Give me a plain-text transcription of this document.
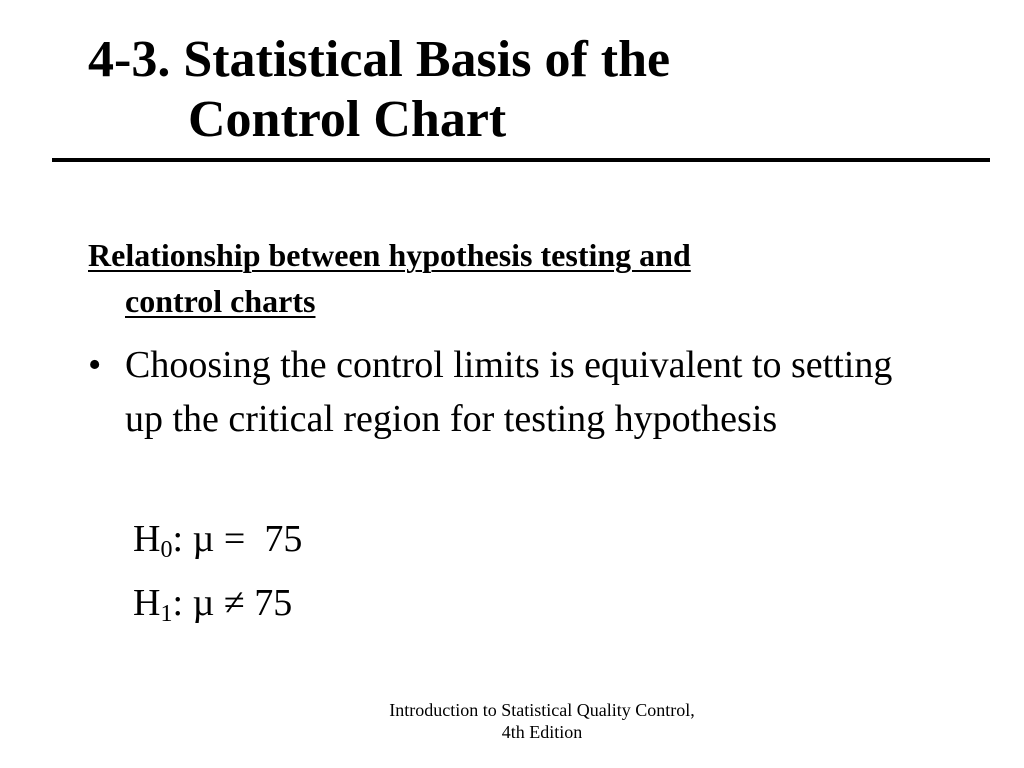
4-3. Statistical Basis of the
Control Chart
Relationship between hypothesis testing and
control charts
• Choosing the control limits is equivalent to setting up the critical region for testing hypothesis
$H_0$: µ =  75
$H_1$: µ ≠ 75
Introduction to Statistical Quality Control,
4th Edition
